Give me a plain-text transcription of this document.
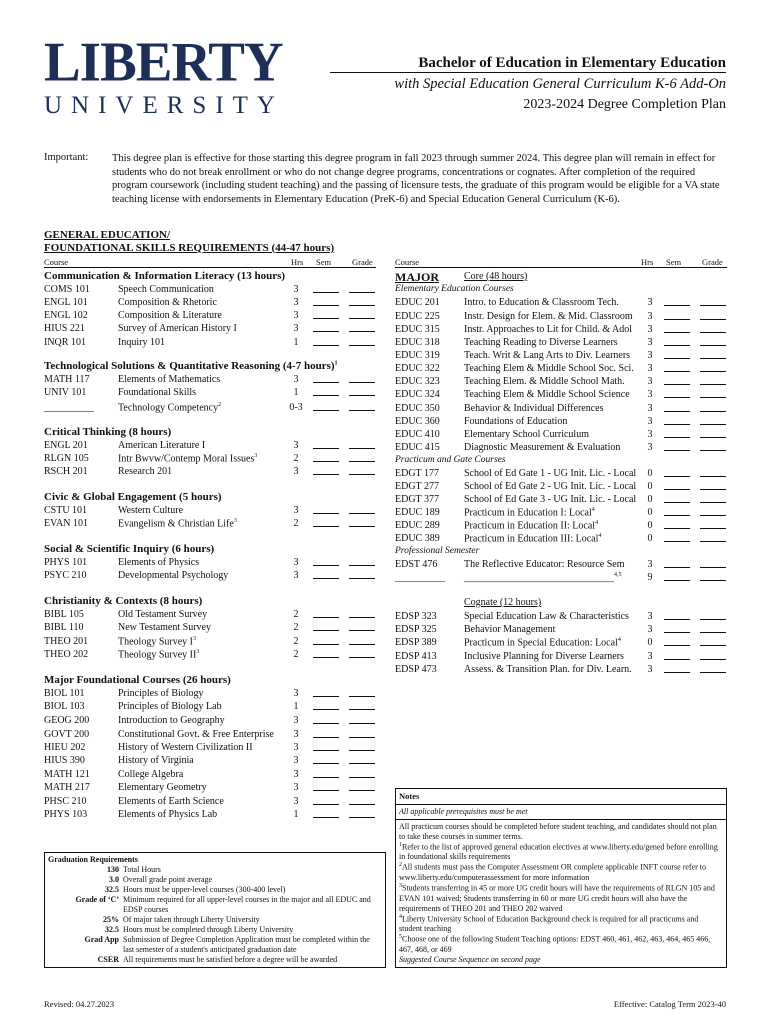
LIBERTY
UNIVERSITY
Bachelor of Education in Elementary Education
with Special Education General Curriculum K-6 Add-On
2023-2024 Degree Completion Plan
Important: This degree plan is effective for those starting this degree program in fall 2023 through summer 2024. This degree plan will remain in effect for students who do not break enrollment or who do not change degree programs, concentrations or cognates. After completion of the required program coursework (including student teaching) and the passing of licensure tests, the graduate of this program would be eligible for a VA state teaching license with endorsements in Elementary Education (PreK-6) and Special Education General Curriculum (K-6).
GENERAL EDUCATION/
FOUNDATIONAL SKILLS REQUIREMENTS (44-47 hours)
Course	Hrs Sem Grade	Course	Hrs Sem Grade
MAJOR	Core (48 hours)
Communication & Information Literacy (13 hours)
COMS 101	Speech Communication	3
ENGL 101	Composition & Rhetoric	3
ENGL 102	Composition & Literature	3
HIUS 221	Survey of American History I	3
INQR 101	Inquiry 101	1
Technological Solutions & Quantitative Reasoning (4-7 hours)$^1$
MATH 117	Elements of Mathematics	3
UNIV 101	Foundational Skills	1
__________ Technology Competency$^2$	0-3
Critical Thinking (8 hours)
ENGL 201	American Literature I	3
RLGN 105	Intr Bwvw/Contemp Moral Issues$^3$	2
RSCH 201	Research 201	3
Civic & Global Engagement (5 hours)
CSTU 101	Western Culture	3
EVAN 101	Evangelism & Christian Life$^3$	2
Social & Scientific Inquiry (6 hours)
PHYS 101	Elements of Physics	3
PSYC 210	Developmental Psychology	3
Christianity & Contexts (8 hours)
BIBL 105	Old Testament Survey	2
BIBL 110	New Testament Survey	2
THEO 201	Theology Survey $I^3$	2
THEO 202	Theology Survey $II^3$	2
Major Foundational Courses (26 hours)
BIOL 101	Principles of Biology	3
BIOL 103	Principles of Biology Lab	1
GEOG 200	Introduction to Geography	3
GOVT 200	Constitutional Govt. & Free Enterprise	3
HIEU 202	History of Western Civilization II	3
HIUS 390	History of Virginia	3
MATH 121	College Algebra	3
MATH 217	Elementary Geometry	3
PHSC 210	Elements of Earth Science	3
PHYS 103	Elements of Physics Lab	1
Elementary Education Courses
EDUC 201 Intro. to Education & Classroom Tech.	3
EDUC 225 Instr. Design for Elem. & Mid. Classroom	3
EDUC 315 Instr. Approaches to Lit for Child. & Adol	3
EDUC 318 Teaching Reading to Diverse Learners	3
EDUC 319 Teach. Writ & Lang Arts to Div. Learners	3
EDUC 322 Teaching Elem & Middle School Soc. Sci.	3
EDUC 323 Teaching Elem. & Middle School Math.	3
EDUC 324 Teaching Elem & Middle School Science	3
EDUC 350 Behavior & Individual Differences	3
EDUC 360 Foundations of Education	3
EDUC 410 Elementary School Curriculum	3
EDUC 415 Diagnostic Measurement & Evaluation	3
Practicum and Gate Courses
EDGT 177	School of Ed Gate 1 - UG Init. Lic. - Local	0
EDGT 277	School of Ed Gate 2 - UG Init. Lic. - Local	0
EDGT 377	School of Ed Gate 3 - UG Init. Lic. - Local	0
EDUC 189 Practicum in Education I: Local$^4$	0
EDUC 289 Practicum in Education II: Local$^4$	0
EDUC 389 Practicum in Education III: Local$^4$	0
Professional Semester
EDST 476	The Reflective Educator: Resource Sem	3
__________ ______________________________$^{4,5}$	9
Cognate (12 hours)
EDSP 323	Special Education Law & Characteristics	3
EDSP 325	Behavior Management	3
EDSP 389	Practicum in Special Education: Local$^4$	0
EDSP 413	Inclusive Planning for Diverse Learners	3
EDSP 473	Assess. & Transition Plan. for Div. Learn.	3
Notes
All applicable prerequisites must be met
All practicum courses should be completed before student teaching, and candidates should not plan to take these courses in summer terms.
$^1$Refer to the list of approved general education electives at www.liberty.edu/gened before enrolling in foundational skills requirements
$^2$All students must pass the Computer Assessment OR complete applicable INFT course refer to www.liberty.edu/computerassessment for more information
$^3$Students transferring in 45 or more UG credit hours will have the requirements of RLGN 105 and EVAN 101 waived; Students transferring in 60 or more UG credit hours will also have the requirements of THEO 201 and THEO 202 waived
$^4$Liberty University School of Education Background check is required for all practicums and student teaching
$^5$Choose one of the following Student Teaching options: EDST 460, 461, 462, 463, 464, 465 466, 467, 468, or 469
Suggested Course Sequence on second page
Graduation Requirements
130 Total Hours
3.0 Overall grade point average
32.5 Hours must be upper-level courses (300-400 level)
Grade of ‘C’ Minimum required for all upper-level courses in the major and all EDUC and EDSP courses
25% Of major taken through Liberty University
32.5 Hours must be completed through Liberty University
Grad App Submission of Degree Completion Application must be completed within the last semester of a student's anticipated graduation date
CSER All requirements must be satisfied before a degree will be awarded
Revised: 04.27.2023	Effective: Catalog Term 2023-40
